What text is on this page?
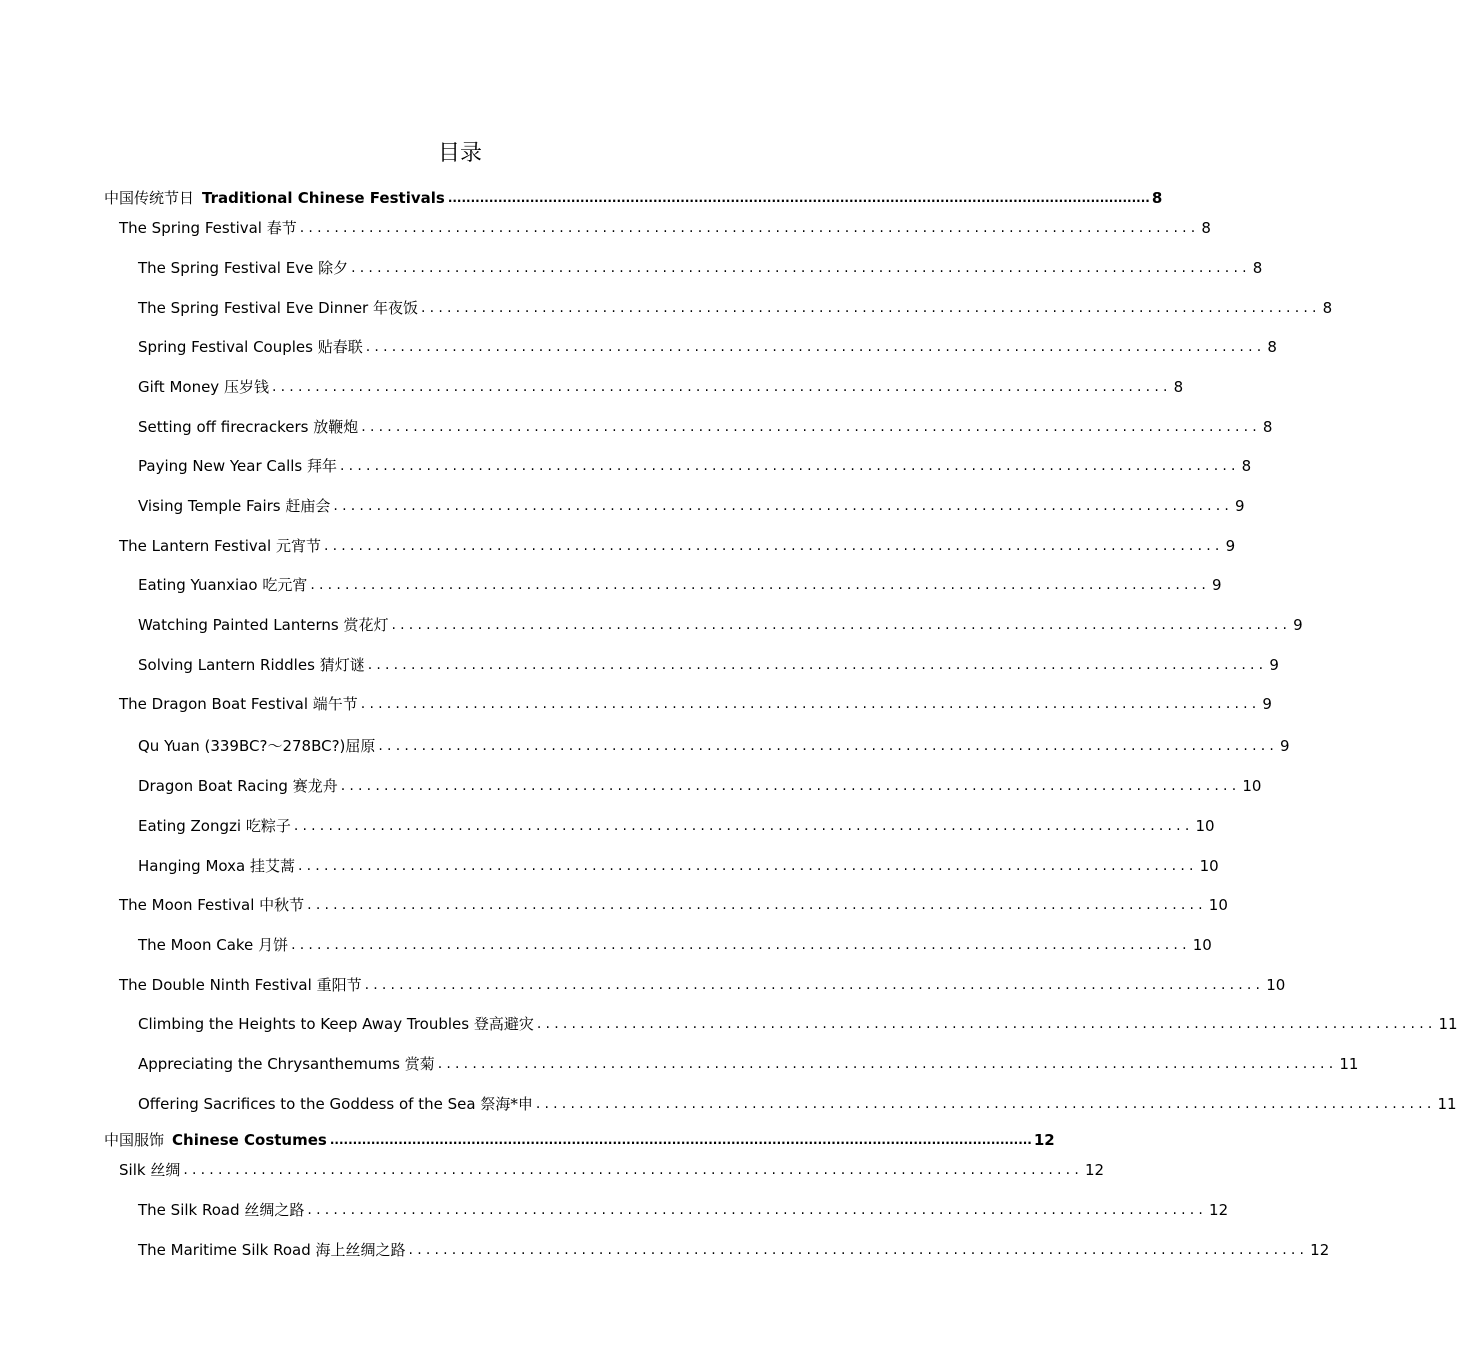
目录
中国传统节日 Traditional Chinese Festivals .......................................................................................................................................................... 8
The Spring Festival 春节 ........................................................................................................ 8
The Spring Festival Eve 除夕 ........................................................................................................ 8
The Spring Festival Eve Dinner 年夜饭 ........................................................................................................ 8
Spring Festival Couples 贴春联 ........................................................................................................ 8
Gift Money 压岁钱 ........................................................................................................ 8
Setting off firecrackers 放鞭炮 ........................................................................................................ 8
Paying New Year Calls 拜年 ........................................................................................................ 8
Vising Temple Fairs 赶庙会 ........................................................................................................ 9
The Lantern Festival 元宵节 ........................................................................................................ 9
Eating Yuanxiao 吃元宵 ........................................................................................................ 9
Watching Painted Lanterns 赏花灯 ........................................................................................................ 9
Solving Lantern Riddles 猜灯谜 ........................................................................................................ 9
The Dragon Boat Festival 端午节 ........................................................................................................ 9
Qu Yuan (339BC?～278BC?)屈原 ........................................................................................................ 9
Dragon Boat Racing 赛龙舟 ........................................................................................................ 10
Eating Zongzi 吃粽子 ........................................................................................................ 10
Hanging Moxa 挂艾蒿 ........................................................................................................ 10
The Moon Festival 中秋节 ........................................................................................................ 10
The Moon Cake 月饼 ........................................................................................................ 10
The Double Ninth Festival 重阳节 ........................................................................................................ 10
Climbing the Heights to Keep Away Troubles 登高避灾 ........................................................................................................ 11
Appreciating the Chrysanthemums 赏菊 ........................................................................................................ 11
Offering Sacrifices to the Goddess of the Sea 祭海*申 ........................................................................................................ 11
中国服饰 Chinese Costumes .......................................................................................................................................................... 12
Silk 丝绸 ........................................................................................................ 12
The Silk Road 丝绸之路 ........................................................................................................ 12
The Maritime Silk Road 海上丝绸之路 ........................................................................................................ 12
